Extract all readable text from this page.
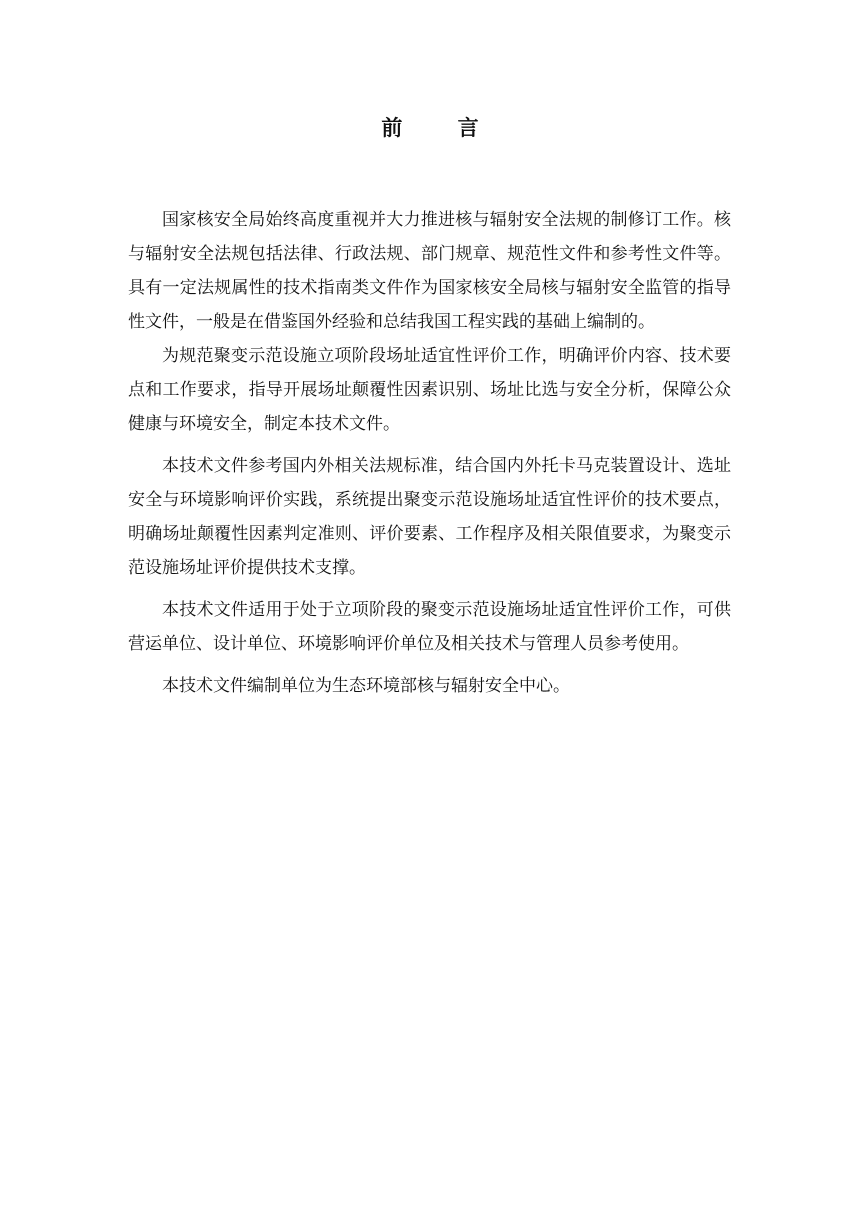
前 言

国家核安全局始终高度重视并大力推进核与辐射安全法规的制修订工作。核与辐射安全法规包括法律、行政法规、部门规章、规范性文件和参考性文件等。具有一定法规属性的技术指南类文件作为国家核安全局核与辐射安全监管的指导性文件，一般是在借鉴国外经验和总结我国工程实践的基础上编制的。

为规范聚变示范设施立项阶段场址适宜性评价工作，明确评价内容、技术要点和工作要求，指导开展场址颠覆性因素识别、场址比选与安全分析，保障公众健康与环境安全，制定本技术文件。

本技术文件参考国内外相关法规标准，结合国内外托卡马克装置设计、选址安全与环境影响评价实践，系统提出聚变示范设施场址适宜性评价的技术要点，明确场址颠覆性因素判定准则、评价要素、工作程序及相关限值要求，为聚变示范设施场址评价提供技术支撑。

本技术文件适用于处于立项阶段的聚变示范设施场址适宜性评价工作，可供营运单位、设计单位、环境影响评价单位及相关技术与管理人员参考使用。

本技术文件编制单位为生态环境部核与辐射安全中心。
